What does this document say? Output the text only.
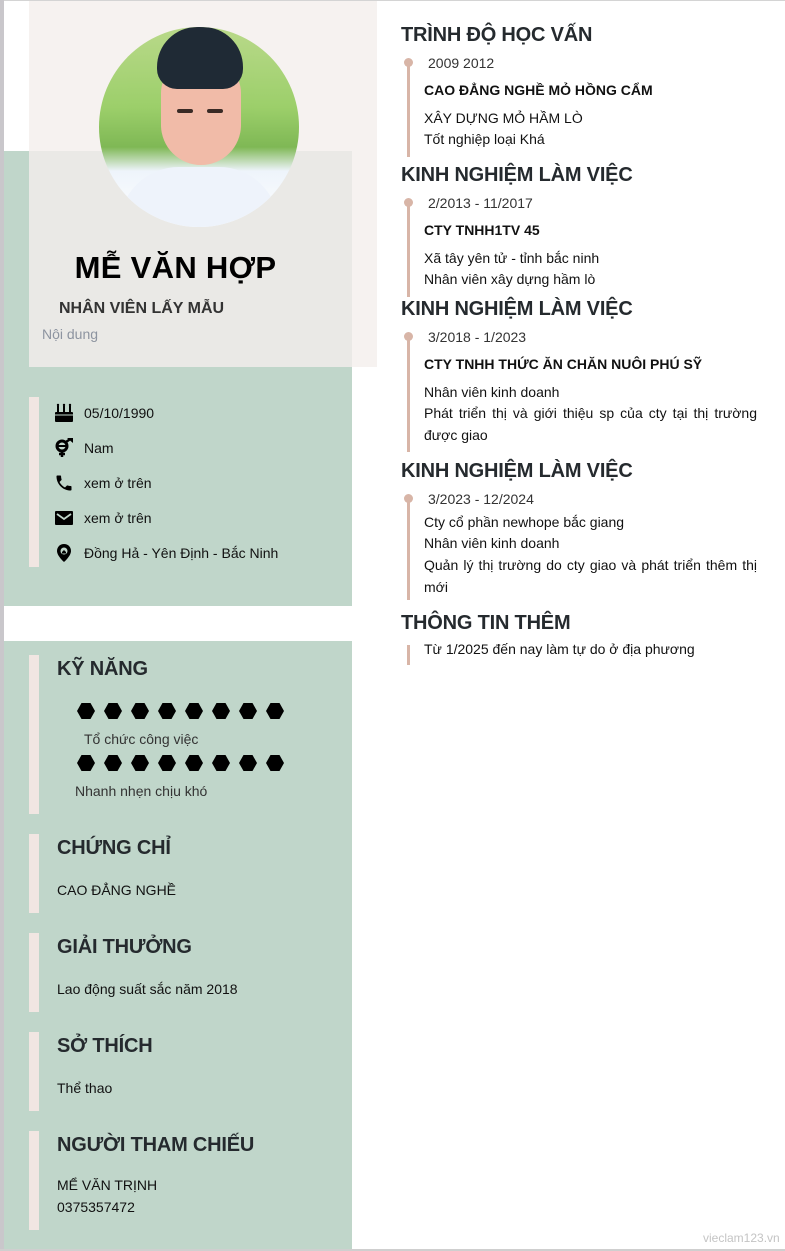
MỄ VĂN HỢP
NHÂN VIÊN LẤY MẪU
Nội dung
05/10/1990
Nam
xem ở trên
xem ở trên
Đồng Hả - Yên Định - Bắc Ninh
KỸ NĂNG
Tổ chức công việc
Nhanh nhẹn chịu khó
CHỨNG CHỈ
CAO ĐẲNG NGHỀ
GIẢI THƯỞNG
Lao động suất sắc năm 2018
SỞ THÍCH
Thể thao
NGƯỜI THAM CHIẾU
MỂ VĂN TRỊNH
0375357472
TRÌNH ĐỘ HỌC VẤN
2009 2012
CAO ĐẲNG NGHỀ MỎ HỒNG CẨM
XÂY DỰNG MỎ HẦM LÒ
Tốt nghiệp loại Khá
KINH NGHIỆM LÀM VIỆC
2/2013 - 11/2017
CTY TNHH1TV 45
Xã tây yên tử - tỉnh bắc ninh
Nhân viên xây dựng hầm lò
KINH NGHIỆM LÀM VIỆC
3/2018 - 1/2023
CTY TNHH THỨC ĂN CHĂN NUÔI PHÚ SỸ
Nhân viên kinh doanh
Phát triển thị và giới thiệu sp của cty tại thị trường được giao
KINH NGHIỆM LÀM VIỆC
3/2023 - 12/2024
Cty cổ phần newhope bắc giang
Nhân viên kinh doanh
Quản lý thị trường do cty giao và phát triển thêm thị mới
THÔNG TIN THÊM
Từ 1/2025 đến nay làm tự do ở địa phương
vieclam123.vn
